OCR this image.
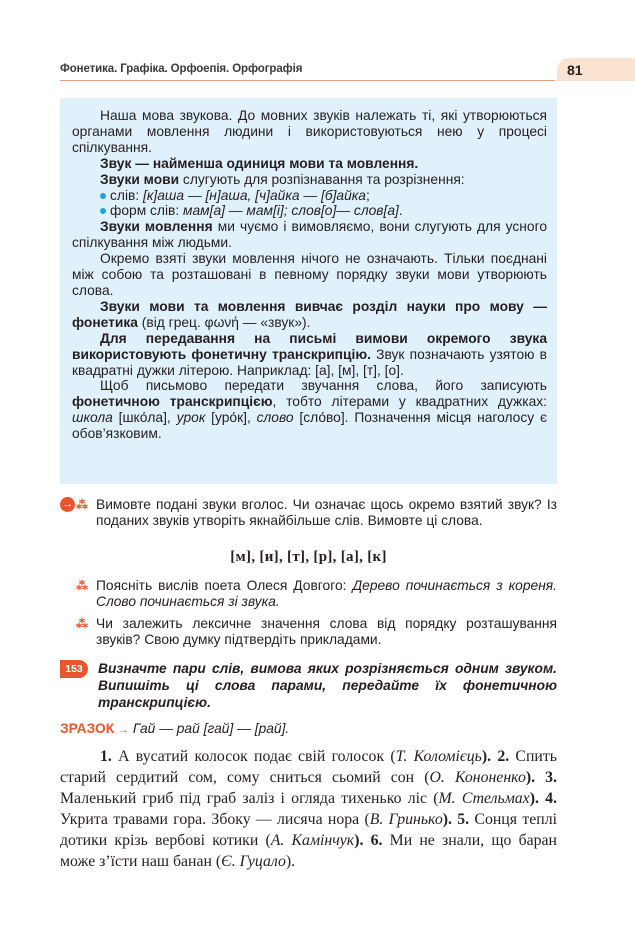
Фонетика. Графіка. Орфоепія. Орфографія	81

Наша мова звукова. До мовних звуків належать ті, які утворюються органами мовлення людини і використовуються нею у процесі спілкування.

Звук — найменша одиниця мови та мовлення.

Звуки мови слугують для розпізнавання та розрізнення:

слів: [к]аша — [н]аша, [ч]айка — [б]айка;

форм слів: мам[а] — мам[і]; слов[о]— слов[а].

Звуки мовлення ми чуємо і вимовляємо, вони слугують для усного спілкування між людьми.

Окремо взяті звуки мовлення нічого не означають. Тільки поєднані між собою та розташовані в певному порядку звуки мови утворюють слова.

Звуки мови та мовлення вивчає розділ науки про мову — фонетика (від грец. φωνή — «звук»).

Для передавання на письмі вимови окремого звука використовують фонетичну транскрипцію. Звук позначають узятою в квадратні дужки літерою. Наприклад: [а], [м], [т], [о].

Щоб письмово передати звучання слова, його записують фонетичною транскрипцією, тобто літерами у квадратних дужках: школа [шко́ла], урок [уро́к], слово [сло́во]. Позначення місця наголосу є обов’язковим.

→ ⁂ Вимовте подані звуки вголос. Чи означає щось окремо взятий звук? Із поданих звуків утворіть якнайбільше слів. Вимовте ці слова.
[м], [и], [т], [р], [а], [к]
⁂ Поясніть вислів поета Олеся Довгого: Дерево починається з кореня. Слово починається зі звука.
⁂ Чи залежить лексичне значення слова від порядку розташування звуків? Свою думку підтвердіть прикладами.
153	Визначте пари слів, вимова яких розрізняється одним звуком. Випишіть ці слова парами, передайте їх фонетичною транскрипцією.
ЗРАЗОК → Гай — рай [гай] — [рай].

1. А вусатий колосок подає свій голосок (Т. Коломієць). 2. Спить старий сердитий сом, сому сниться сьомий сон (О. Кононенко). 3. Маленький гриб під граб заліз і огляда тихенько ліс (М. Стельмах). 4. Укрита травами гора. Збоку — лисяча нора (В. Гринько). 5. Сонця теплі дотики крізь вербові котики (А. Камінчук). 6. Ми не знали, що баран може з’їсти наш банан (Є. Гуцало).
